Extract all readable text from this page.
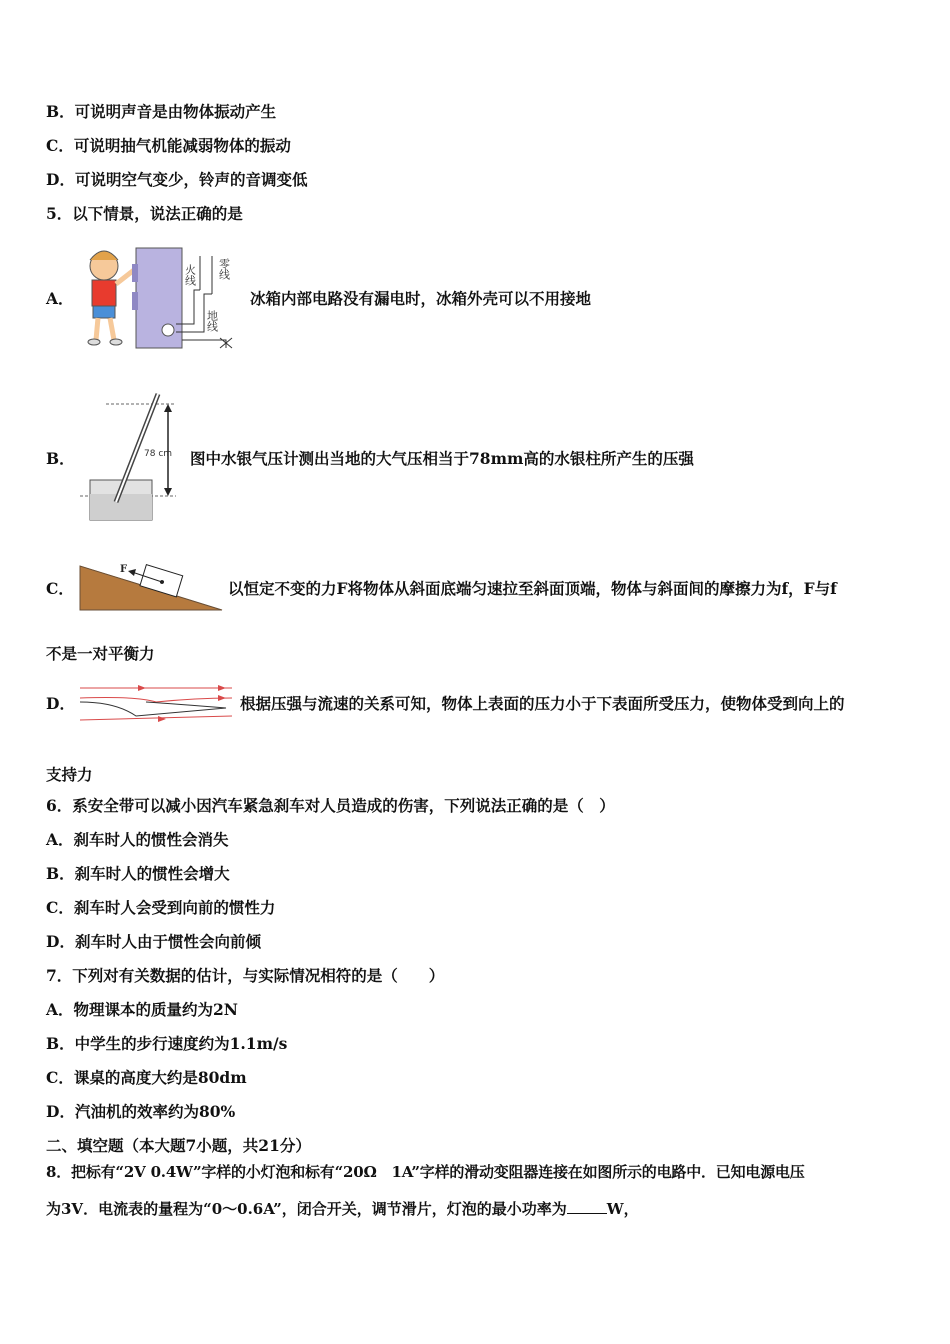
B．可说明声音是由物体振动产生
C．可说明抽气机能减弱物体的振动
D．可说明空气变少，铃声的音调变低
5．以下情景，说法正确的是
A．
火线 零线
地线
冰箱内部电路没有漏电时，冰箱外壳可以不用接地
B．	78 cm 图中水银气压计测出当地的大气压相当于78mm高的水银柱所产生的压强
C．
F
以恒定不变的力F将物体从斜面底端匀速拉至斜面顶端，物体与斜面间的摩擦力为f，F与f
不是一对平衡力
D．	根据压强与流速的关系可知，物体上表面的压力小于下表面所受压力，使物体受到向上的
支持力
6．系安全带可以减小因汽车紧急刹车对人员造成的伤害，下列说法正确的是（　）
A．刹车时人的惯性会消失
B．刹车时人的惯性会增大
C．刹车时人会受到向前的惯性力
D．刹车时人由于惯性会向前倾
7．下列对有关数据的估计，与实际情况相符的是（　　）
A．物理课本的质量约为2N
B．中学生的步行速度约为1.1m/s
C．课桌的高度大约是80dm
D．汽油机的效率约为80%
二、填空题（本大题7小题，共21分）
8．把标有“2V 0.4W”字样的小灯泡和标有“20Ω　1A”字样的滑动变阻器连接在如图所示的电路中．已知电源电压
为3V．电流表的量程为“0～0.6A”，闭合开关，调节滑片，灯泡的最小功率为	W，
